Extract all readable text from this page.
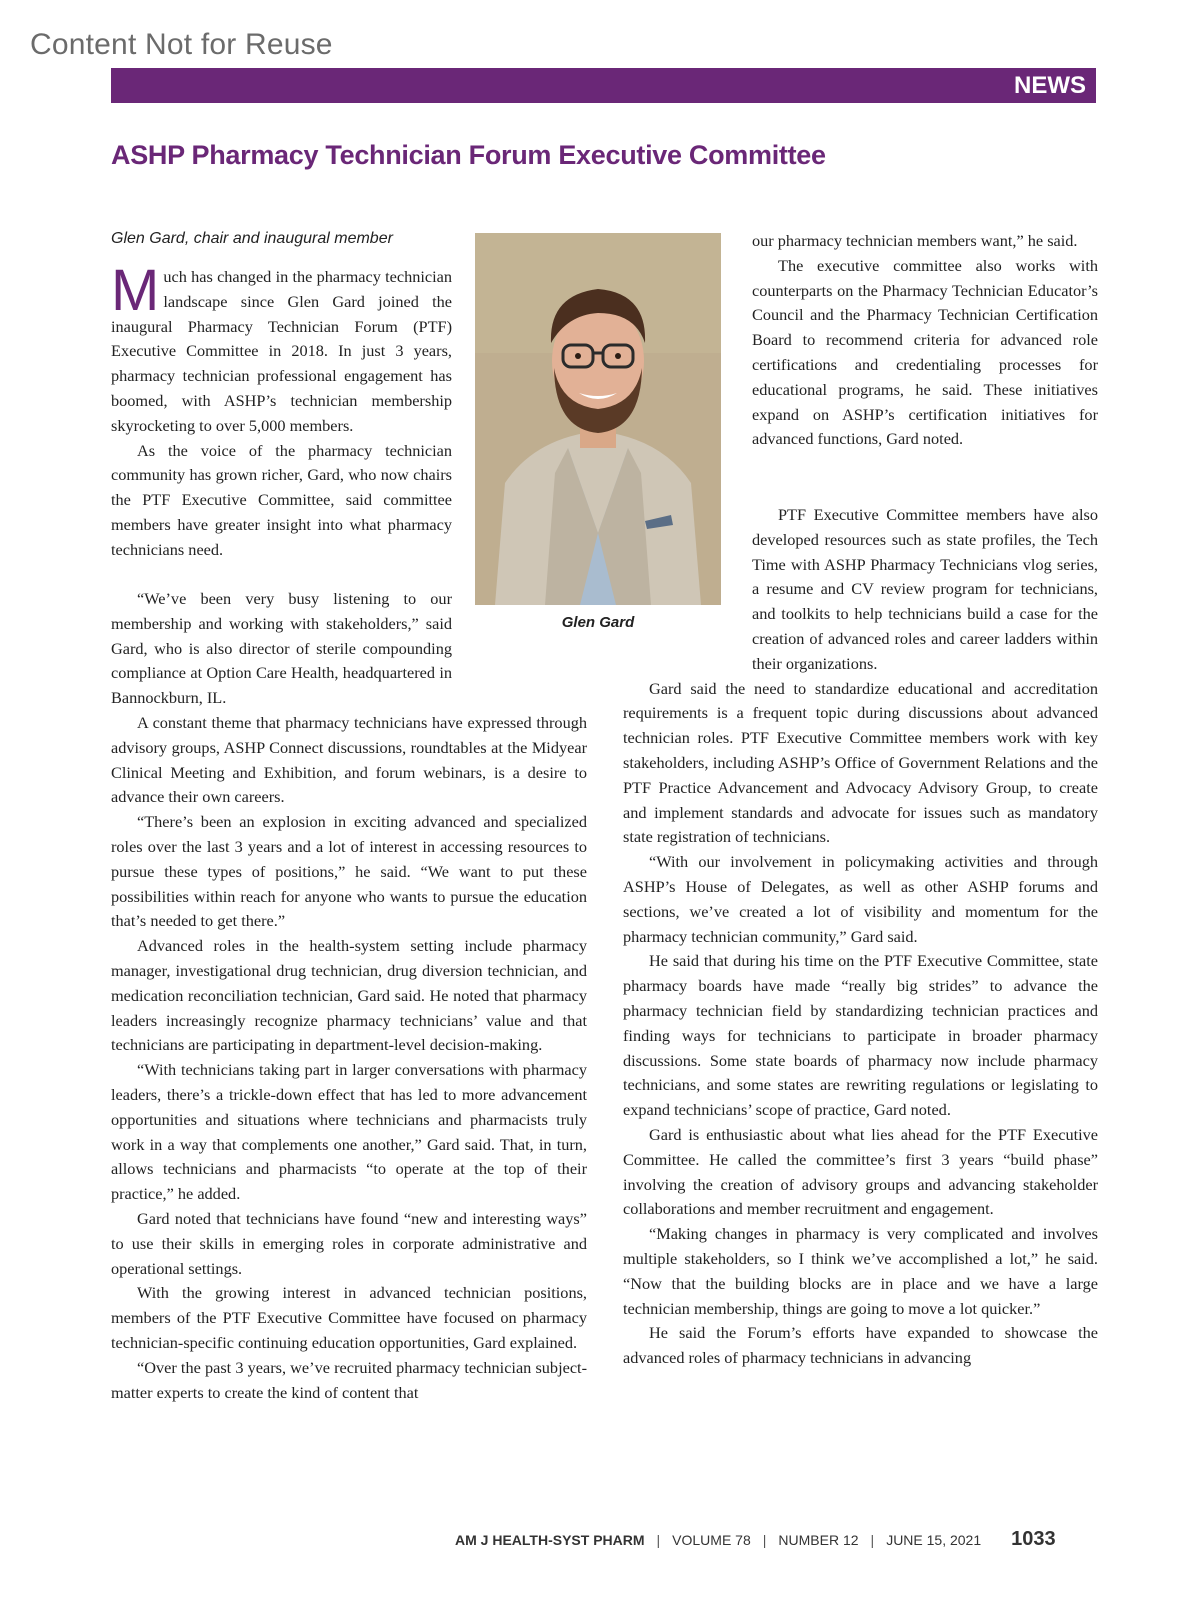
Content Not for Reuse
NEWS
ASHP Pharmacy Technician Forum Executive Committee
Glen Gard, chair and inaugural member

Much has changed in the pharmacy technician landscape since Glen Gard joined the inaugural Pharmacy Technician Forum (PTF) Executive Committee in 2018. In just 3 years, pharmacy technician professional engagement has boomed, with ASHP’s technician membership skyrocketing to over 5,000 members.

As the voice of the pharmacy technician community has grown richer, Gard, who now chairs the PTF Executive Committee, said committee members have greater insight into what pharmacy technicians need.

“We’ve been very busy listening to our membership and working with stakeholders,” said Gard, who is also director of sterile compounding compliance at Option Care Health, headquartered in Bannockburn, IL.

A constant theme that pharmacy technicians have expressed through advisory groups, ASHP Connect discussions, roundtables at the Midyear Clinical Meeting and Exhibition, and forum webinars, is a desire to advance their own careers.

“There’s been an explosion in exciting advanced and specialized roles over the last 3 years and a lot of interest in accessing resources to pursue these types of positions,” he said. “We want to put these possibilities within reach for anyone who wants to pursue the education that’s needed to get there.”

Advanced roles in the health-system setting include pharmacy manager, investigational drug technician, drug diversion technician, and medication reconciliation technician, Gard said. He noted that pharmacy leaders increasingly recognize pharmacy technicians’ value and that technicians are participating in department-level decision-making.

“With technicians taking part in larger conversations with pharmacy leaders, there’s a trickle-down effect that has led to more advancement opportunities and situations where technicians and pharmacists truly work in a way that complements one another,” Gard said. That, in turn, allows technicians and pharmacists “to operate at the top of their practice,” he added.

Gard noted that technicians have found “new and interesting ways” to use their skills in emerging roles in corporate administrative and operational settings.

With the growing interest in advanced technician positions, members of the PTF Executive Committee have focused on pharmacy technician-specific continuing education opportunities, Gard explained.

“Over the past 3 years, we’ve recruited pharmacy technician subject-matter experts to create the kind of content that

Glen Gard

our pharmacy technician members want,” he said.

The executive committee also works with counterparts on the Pharmacy Technician Educator’s Council and the Pharmacy Technician Certification Board to recommend criteria for advanced role certifications and credentialing processes for educational programs, he said. These initiatives expand on ASHP’s certification initiatives for advanced functions, Gard noted.

PTF Executive Committee members have also developed resources such as state profiles, the Tech Time with ASHP Pharmacy Technicians vlog series, a resume and CV review program for technicians, and toolkits to help technicians build a case for the creation of advanced roles and career ladders within their organizations.

Gard said the need to standardize educational and accreditation requirements is a frequent topic during discussions about advanced technician roles. PTF Executive Committee members work with key stakeholders, including ASHP’s Office of Government Relations and the PTF Practice Advancement and Advocacy Advisory Group, to create and implement standards and advocate for issues such as mandatory state registration of technicians.

“With our involvement in policymaking activities and through ASHP’s House of Delegates, as well as other ASHP forums and sections, we’ve created a lot of visibility and momentum for the pharmacy technician community,” Gard said.

He said that during his time on the PTF Executive Committee, state pharmacy boards have made “really big strides” to advance the pharmacy technician field by standardizing technician practices and finding ways for technicians to participate in broader pharmacy discussions. Some state boards of pharmacy now include pharmacy technicians, and some states are rewriting regulations or legislating to expand technicians’ scope of practice, Gard noted.

Gard is enthusiastic about what lies ahead for the PTF Executive Committee. He called the committee’s first 3 years “build phase” involving the creation of advisory groups and advancing stakeholder collaborations and member recruitment and engagement.

“Making changes in pharmacy is very complicated and involves multiple stakeholders, so I think we’ve accomplished a lot,” he said. “Now that the building blocks are in place and we have a large technician membership, things are going to move a lot quicker.”

He said the Forum’s efforts have expanded to showcase the advanced roles of pharmacy technicians in advancing

AM J HEALTH-SYST PHARM | VOLUME 78 | NUMBER 12 | JUNE 15, 2021 1033
